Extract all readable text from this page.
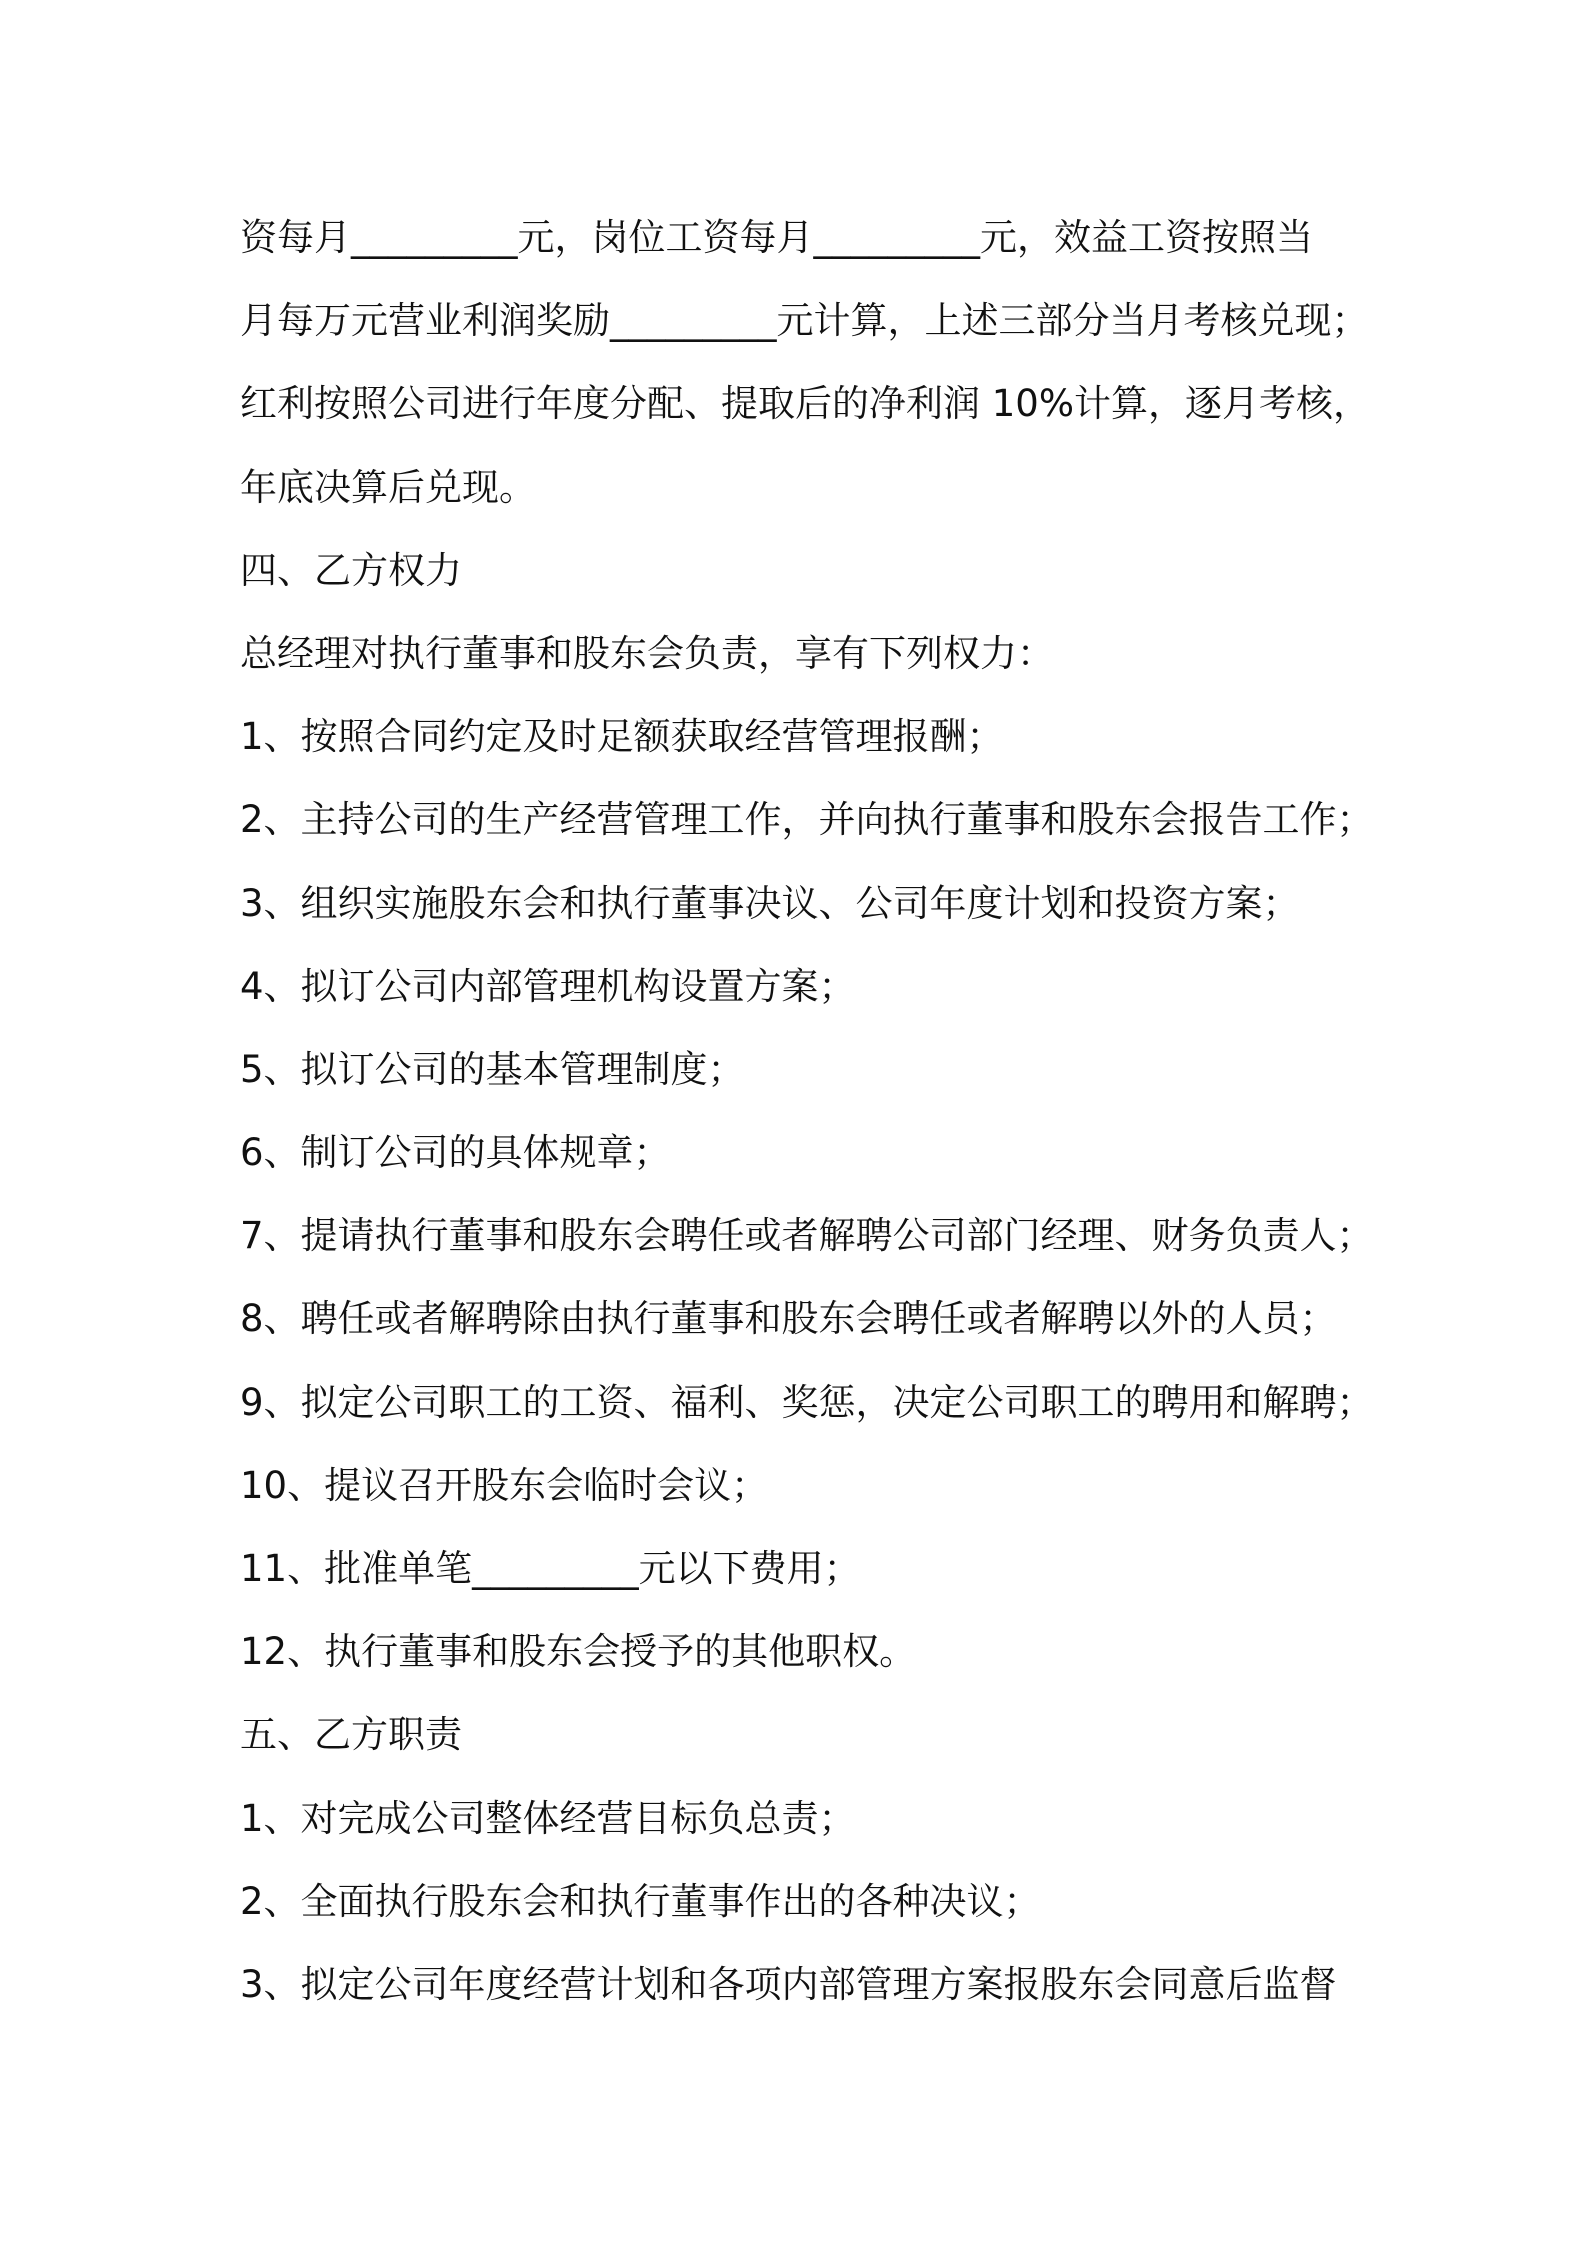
资每月_________元，岗位工资每月_________元，效益工资按照当
月每万元营业利润奖励_________元计算，上述三部分当月考核兑现；
红利按照公司进行年度分配、提取后的净利润 10%计算，逐月考核，
年底决算后兑现。
四、乙方权力
总经理对执行董事和股东会负责，享有下列权力：
1、按照合同约定及时足额获取经营管理报酬；
2、主持公司的生产经营管理工作，并向执行董事和股东会报告工作；
3、组织实施股东会和执行董事决议、公司年度计划和投资方案；
4、拟订公司内部管理机构设置方案；
5、拟订公司的基本管理制度；
6、制订公司的具体规章；
7、提请执行董事和股东会聘任或者解聘公司部门经理、财务负责人；
8、聘任或者解聘除由执行董事和股东会聘任或者解聘以外的人员；
9、拟定公司职工的工资、福利、奖惩，决定公司职工的聘用和解聘；
10、提议召开股东会临时会议；
11、批准单笔_________元以下费用；
12、执行董事和股东会授予的其他职权。
五、乙方职责
1、对完成公司整体经营目标负总责；
2、全面执行股东会和执行董事作出的各种决议；
3、拟定公司年度经营计划和各项内部管理方案报股东会同意后监督
